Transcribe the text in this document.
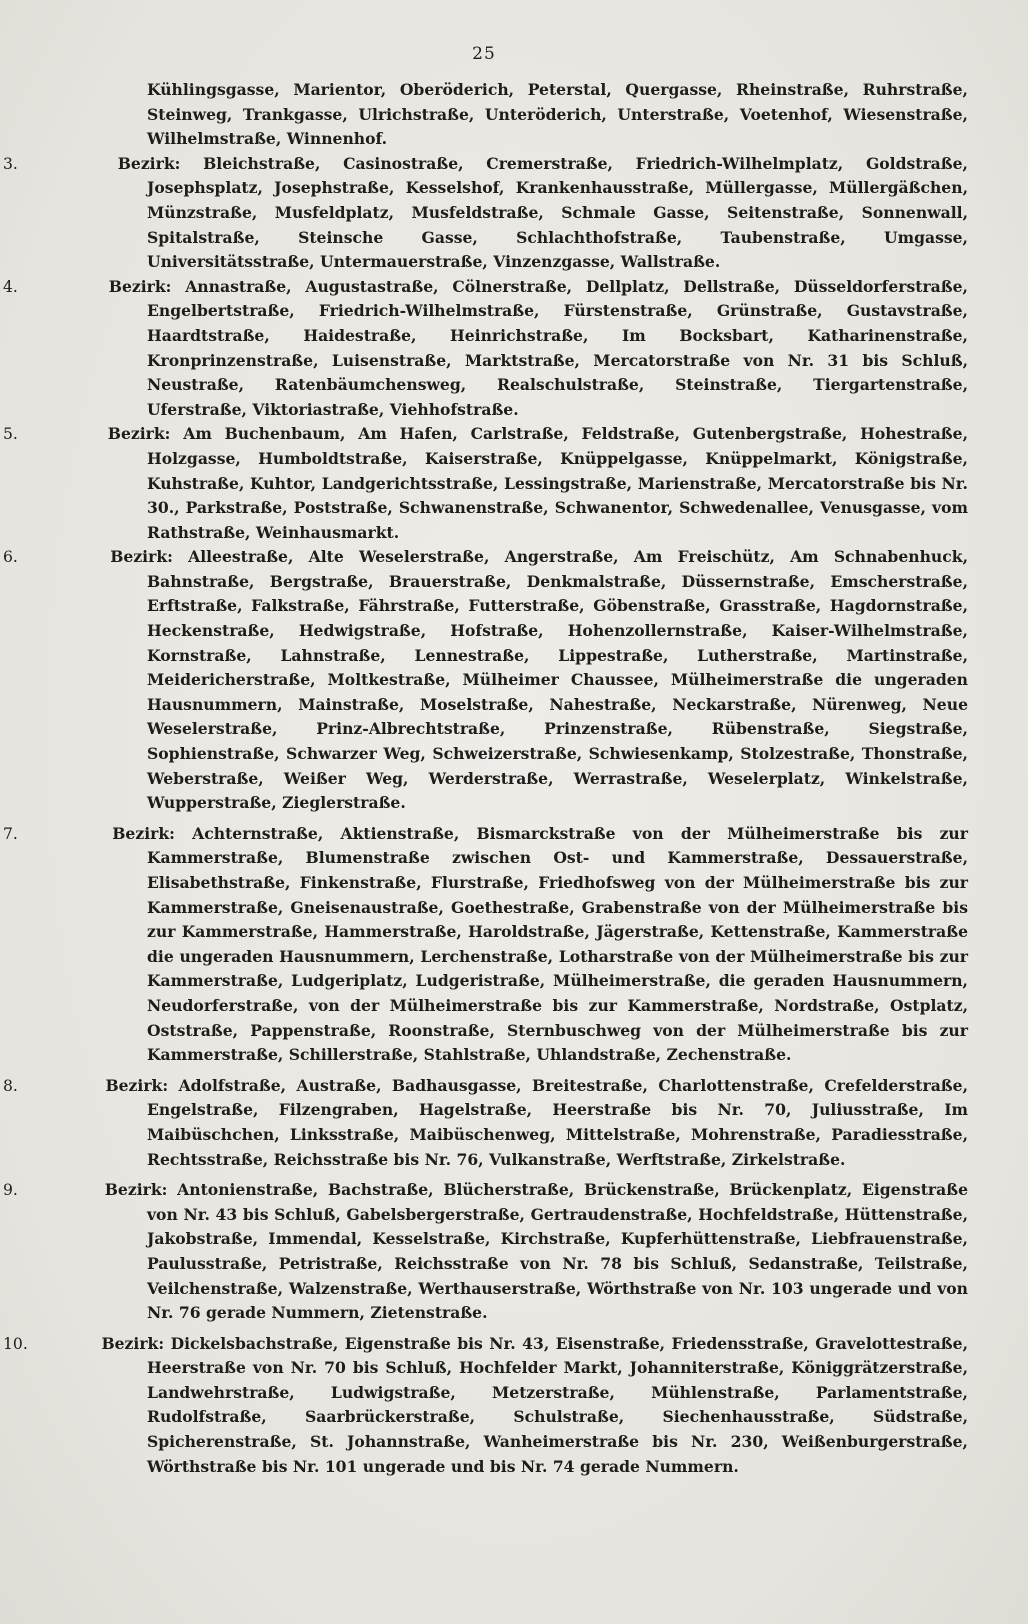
25

Kühlingsgasse, Marientor, Oberöderich, Peterstal, Quergasse, Rheinstraße, Ruhrstraße, Steinweg, Trankgasse, Ulrichstraße, Unteröderich, Unterstraße, Voetenhof, Wiesenstraße, Wilhelmstraße, Winnenhof.

3.	Bezirk: Bleichstraße, Casinostraße, Cremerstraße, Friedrich-Wilhelmplatz, Goldstraße, Josephsplatz, Josephstraße, Kesselshof, Krankenhausstraße, Müllergasse, Müllergäßchen, Münzstraße, Musfeldplatz, Musfeldstraße, Schmale Gasse, Seitenstraße, Sonnenwall, Spitalstraße, Steinsche Gasse, Schlachthofstraße, Taubenstraße, Umgasse, Universitätsstraße, Untermauerstraße, Vinzenzgasse, Wallstraße.

4.	Bezirk: Annastraße, Augustastraße, Cölnerstraße, Dellplatz, Dellstraße, Düsseldorferstraße, Engelbertstraße, Friedrich-Wilhelmstraße, Fürstenstraße, Grünstraße, Gustavstraße, Haardtstraße, Haidestraße, Heinrichstraße, Im Bocksbart, Katharinenstraße, Kronprinzenstraße, Luisenstraße, Marktstraße, Mercatorstraße von Nr. 31 bis Schluß, Neustraße, Ratenbäumchensweg, Realschulstraße, Steinstraße, Tiergartenstraße, Uferstraße, Viktoriastraße, Viehhofstraße.

5.	Bezirk: Am Buchenbaum, Am Hafen, Carlstraße, Feldstraße, Gutenbergstraße, Hohestraße, Holzgasse, Humboldtstraße, Kaiserstraße, Knüppelgasse, Knüppelmarkt, Königstraße, Kuhstraße, Kuhtor, Landgerichtsstraße, Lessingstraße, Marienstraße, Mercatorstraße bis Nr. 30., Parkstraße, Poststraße, Schwanenstraße, Schwanentor, Schwedenallee, Venusgasse, vom Rathstraße, Weinhausmarkt.

6.	Bezirk: Alleestraße, Alte Weselerstraße, Angerstraße, Am Freischütz, Am Schnabenhuck, Bahnstraße, Bergstraße, Brauerstraße, Denkmalstraße, Düssernstraße, Emscherstraße, Erftstraße, Falkstraße, Fährstraße, Futterstraße, Göbenstraße, Grasstraße, Hagdornstraße, Heckenstraße, Hedwigstraße, Hofstraße, Hohenzollernstraße, Kaiser-Wilhelmstraße, Kornstraße, Lahnstraße, Lennestraße, Lippestraße, Lutherstraße, Martinstraße, Meidericherstraße, Moltkestraße, Mülheimer Chaussee, Mülheimerstraße die ungeraden Hausnummern, Mainstraße, Moselstraße, Nahestraße, Neckarstraße, Nürenweg, Neue Weselerstraße, Prinz-Albrechtstraße, Prinzenstraße, Rübenstraße, Siegstraße, Sophienstraße, Schwarzer Weg, Schweizerstraße, Schwiesenkamp, Stolzestraße, Thonstraße, Weberstraße, Weißer Weg, Werderstraße, Werrastraße, Weselerplatz, Winkelstraße, Wupperstraße, Zieglerstraße.

7.	Bezirk: Achternstraße, Aktienstraße, Bismarckstraße von der Mülheimerstraße bis zur Kammerstraße, Blumenstraße zwischen Ost- und Kammerstraße, Dessauerstraße, Elisabethstraße, Finkenstraße, Flurstraße, Friedhofsweg von der Mülheimerstraße bis zur Kammerstraße, Gneisenaustraße, Goethestraße, Grabenstraße von der Mülheimerstraße bis zur Kammerstraße, Hammerstraße, Haroldstraße, Jägerstraße, Kettenstraße, Kammerstraße die ungeraden Hausnummern, Lerchenstraße, Lotharstraße von der Mülheimerstraße bis zur Kammerstraße, Ludgeriplatz, Ludgeristraße, Mülheimerstraße, die geraden Hausnummern, Neudorferstraße, von der Mülheimerstraße bis zur Kammerstraße, Nordstraße, Ostplatz, Oststraße, Pappenstraße, Roonstraße, Sternbuschweg von der Mülheimerstraße bis zur Kammerstraße, Schillerstraße, Stahlstraße, Uhlandstraße, Zechenstraße.

8.	Bezirk: Adolfstraße, Austraße, Badhausgasse, Breitestraße, Charlottenstraße, Crefelderstraße, Engelstraße, Filzengraben, Hagelstraße, Heerstraße bis Nr. 70, Juliusstraße, Im Maibüschchen, Linksstraße, Maibüschenweg, Mittelstraße, Mohrenstraße, Paradiesstraße, Rechtsstraße, Reichsstraße bis Nr. 76, Vulkanstraße, Werftstraße, Zirkelstraße.

9.	Bezirk: Antonienstraße, Bachstraße, Blücherstraße, Brückenstraße, Brückenplatz, Eigenstraße von Nr. 43 bis Schluß, Gabelsbergerstraße, Gertraudenstraße, Hochfeldstraße, Hüttenstraße, Jakobstraße, Immendal, Kesselstraße, Kirchstraße, Kupferhüttenstraße, Liebfrauenstraße, Paulusstraße, Petristraße, Reichsstraße von Nr. 78 bis Schluß, Sedanstraße, Teilstraße, Veilchenstraße, Walzenstraße, Werthauserstraße, Wörthstraße von Nr. 103 ungerade und von Nr. 76 gerade Nummern, Zietenstraße.

10.	Bezirk: Dickelsbachstraße, Eigenstraße bis Nr. 43, Eisenstraße, Friedensstraße, Gravelottestraße, Heerstraße von Nr. 70 bis Schluß, Hochfelder Markt, Johanniterstraße, Königgrätzerstraße, Landwehrstraße, Ludwigstraße, Metzerstraße, Mühlenstraße, Parlamentstraße, Rudolfstraße, Saarbrückerstraße, Schulstraße, Siechenhausstraße, Südstraße, Spicherenstraße, St. Johannstraße, Wanheimerstraße bis Nr. 230, Weißenburgerstraße, Wörthstraße bis Nr. 101 ungerade und bis Nr. 74 gerade Nummern.
